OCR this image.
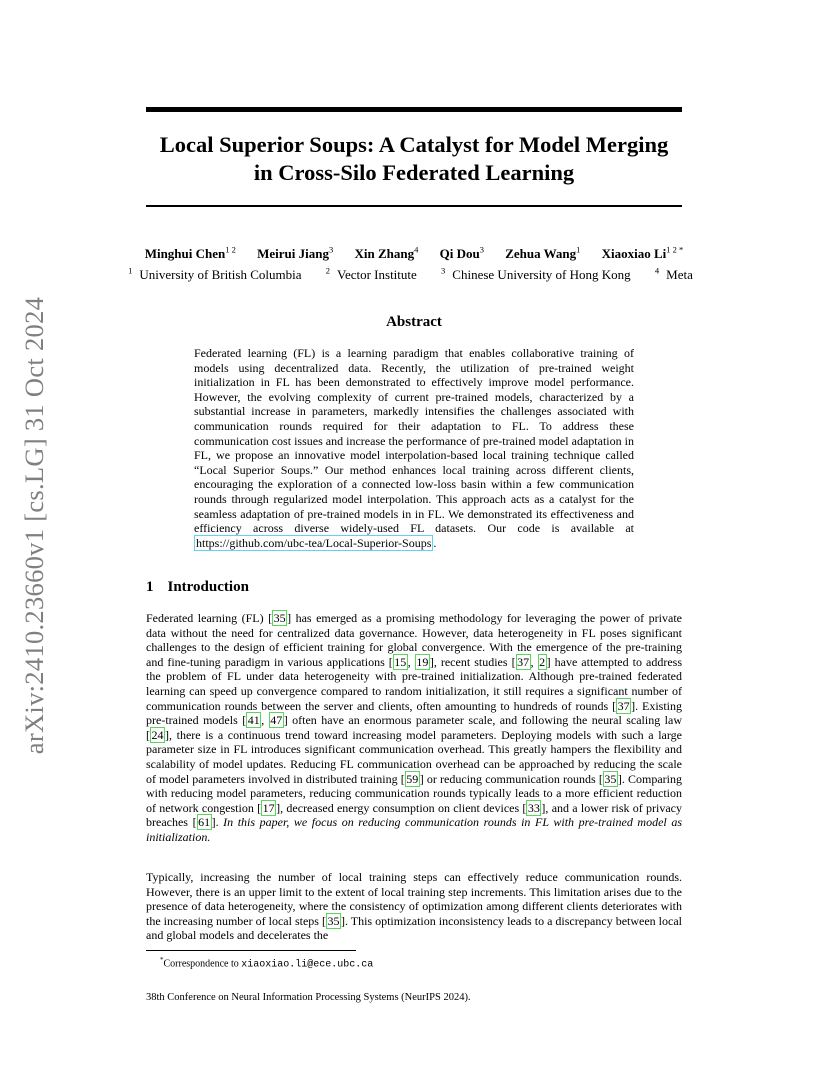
arXiv:2410.23660v1 [cs.LG] 31 Oct 2024
Local Superior Soups: A Catalyst for Model Merging
in Cross-Silo Federated Learning
Minghui Chen$^{1 2}$ Meirui Jiang$^3$ Xin Zhang$^4$ Qi Dou$^3$ Zehua Wang$^1$ Xiaoxiao $Li^{1 2 *}$
$^1$ University of British Columbia	$^2$ Vector Institute	$^3$ Chinese University of Hong Kong	$^4$ Meta
Abstract

Federated learning (FL) is a learning paradigm that enables collaborative training of models using decentralized data. Recently, the utilization of pre-trained weight initialization in FL has been demonstrated to effectively improve model performance. However, the evolving complexity of current pre-trained models, characterized by a substantial increase in parameters, markedly intensifies the challenges associated with communication rounds required for their adaptation to FL. To address these communication cost issues and increase the performance of pre-trained model adaptation in FL, we propose an innovative model interpolation-based local training technique called “Local Superior Soups.” Our method enhances local training across different clients, encouraging the exploration of a connected low-loss basin within a few communication rounds through regularized model interpolation. This approach acts as a catalyst for the seamless adaptation of pre-trained models in in FL. We demonstrated its effectiveness and efficiency across diverse widely-used FL datasets. Our code is available at https://github.com/ubc-tea/Local-Superior-Soups .

1 Introduction

Federated learning (FL) [ 35 ] has emerged as a promising methodology for leveraging the power of private data without the need for centralized data governance. However, data heterogeneity in FL poses significant challenges to the design of efficient training for global convergence. With the emergence of the pre-training and fine-tuning paradigm in various applications [ 15 , 19 ], recent studies [ 37 , 2 ] have attempted to address the problem of FL under data heterogeneity with pre-trained initialization. Although pre-trained federated learning can speed up convergence compared to random initialization, it still requires a significant number of communication rounds between the server and clients, often amounting to hundreds of rounds [ 37 ]. Existing pre-trained models [ 41 , 47 ] often have an enormous parameter scale, and following the neural scaling law [ 24 ], there is a continuous trend toward increasing model parameters. Deploying models with such a large parameter size in FL introduces significant communication overhead. This greatly hampers the flexibility and scalability of model updates. Reducing FL communication overhead can be approached by reducing the scale of model parameters involved in distributed training [ 59 ] or reducing communication rounds [ 35 ]. Comparing with reducing model parameters, reducing communication rounds typically leads to a more efficient reduction of network congestion [ 17 ], decreased energy consumption on client devices [ 33 ], and a lower risk of privacy breaches [ 61 ]. In this paper, we focus on reducing communication rounds in FL with pre-trained model as initialization.

Typically, increasing the number of local training steps can effectively reduce communication rounds. However, there is an upper limit to the extent of local training step increments. This limitation arises due to the presence of data heterogeneity, where the consistency of optimization among different clients deteriorates with the increasing number of local steps [ 35 ]. This optimization inconsistency leads to a discrepancy between local and global models and decelerates the

*Correspondence to xiaoxiao.li@ece.ubc.ca
38th Conference on Neural Information Processing Systems (NeurIPS 2024).
